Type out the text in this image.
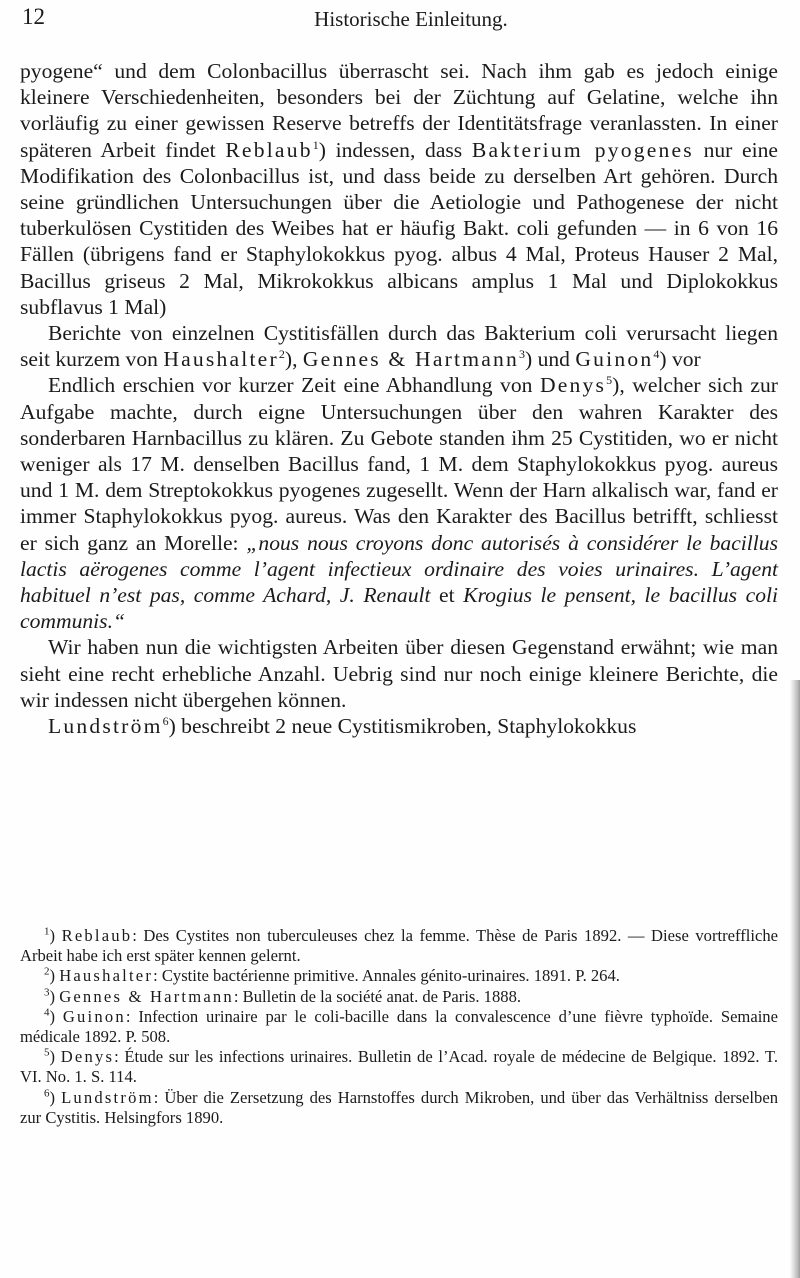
12	Historische Einleitung.

pyogene“ und dem Colonbacillus überrascht sei. Nach ihm gab es jedoch einige kleinere Verschiedenheiten, besonders bei der Züchtung auf Gelatine, welche ihn vorläufig zu einer gewissen Reserve betreffs der Identitätsfrage veranlassten. In einer späteren Arbeit findet Reblaub$^1$) indessen, dass Bakterium pyogenes nur eine Modifikation des Colonbacillus ist, und dass beide zu derselben Art gehören. Durch seine gründlichen Untersuchungen über die Aetiologie und Pathogenese der nicht tuberkulösen Cystitiden des Weibes hat er häufig Bakt. coli gefunden — in 6 von 16 Fällen (übrigens fand er Staphylokokkus pyog. albus 4 Mal, Proteus Hauser 2 Mal, Bacillus griseus 2 Mal, Mikrokokkus albicans amplus 1 Mal und Diplokokkus subflavus 1 Mal)

Berichte von einzelnen Cystitisfällen durch das Bakterium coli verursacht liegen seit kurzem von Haushalter$^2$), Gennes & Hartmann$^3$) und Guinon$^4$) vor

Endlich erschien vor kurzer Zeit eine Abhandlung von Denys$^5$), welcher sich zur Aufgabe machte, durch eigne Untersuchungen über den wahren Karakter des sonderbaren Harnbacillus zu klären. Zu Gebote standen ihm 25 Cystitiden, wo er nicht weniger als 17 M. denselben Bacillus fand, 1 M. dem Staphylokokkus pyog. aureus und 1 M. dem Streptokokkus pyogenes zugesellt. Wenn der Harn alkalisch war, fand er immer Staphylokokkus pyog. aureus. Was den Karakter des Bacillus betrifft, schliesst er sich ganz an Morelle: „nous nous croyons donc autorisés à considérer le bacillus lactis aërogenes comme l’agent infectieux ordinaire des voies urinaires. L’agent habituel n’est pas, comme Achard, J. Renault et Krogius le pensent, le bacillus coli communis.“

Wir haben nun die wichtigsten Arbeiten über diesen Gegenstand erwähnt; wie man sieht eine recht erhebliche Anzahl. Uebrig sind nur noch einige kleinere Berichte, die wir indessen nicht übergehen können.

Lundström$^6$) beschreibt 2 neue Cystitismikroben, Staphylokokkus

$^1$) Reblaub: Des Cystites non tuberculeuses chez la femme. Thèse de Paris 1892. — Diese vortreffliche Arbeit habe ich erst später kennen gelernt.

$^2$) Haushalter: Cystite bactérienne primitive. Annales génito-urinaires. 1891. P. 264.

$^3$) Gennes & Hartmann: Bulletin de la société anat. de Paris. 1888.

$^4$) Guinon: Infection urinaire par le coli-bacille dans la convalescence d’une fièvre typhoïde. Semaine médicale 1892. P. 508.

$^5$) Denys: Étude sur les infections urinaires. Bulletin de l’Acad. royale de médecine de Belgique. 1892. T. VI. No. 1. S. 114.

$^6$) Lundström: Über die Zersetzung des Harnstoffes durch Mikroben, und über das Verhältniss derselben zur Cystitis. Helsingfors 1890.
